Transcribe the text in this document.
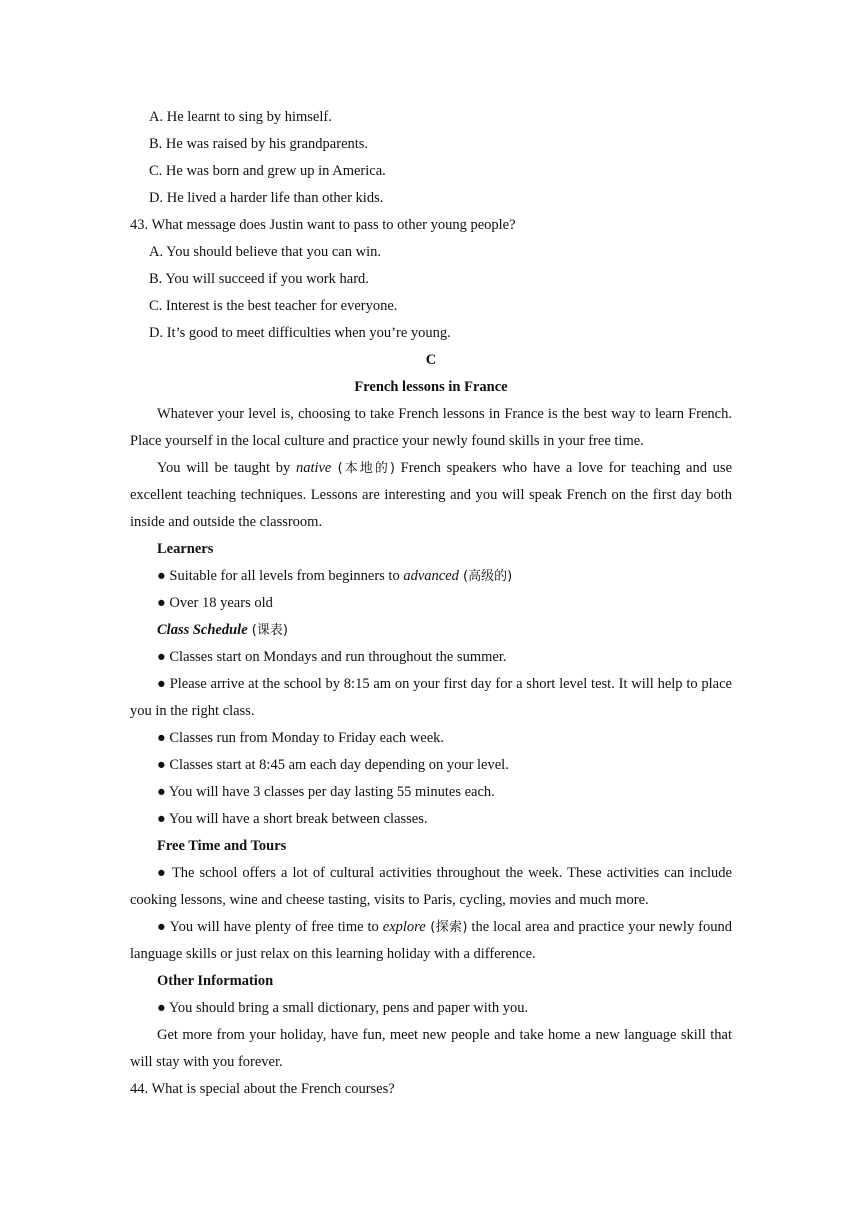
A. He learnt to sing by himself.
B. He was raised by his grandparents.
C. He was born and grew up in America.
D. He lived a harder life than other kids.
43. What message does Justin want to pass to other young people?
A. You should believe that you can win.
B. You will succeed if you work hard.
C. Interest is the best teacher for everyone.
D. It’s good to meet difficulties when you’re young.
C
French lessons in France
Whatever your level is, choosing to take French lessons in France is the best way to learn French. Place yourself in the local culture and practice your newly found skills in your free time.
You will be taught by native (本地的) French speakers who have a love for teaching and use excellent teaching techniques. Lessons are interesting and you will speak French on the first day both inside and outside the classroom.
Learners
● Suitable for all levels from beginners to advanced (高级的)
● Over 18 years old
Class Schedule (课表)
● Classes start on Mondays and run throughout the summer.
● Please arrive at the school by 8:15 am on your first day for a short level test. It will help to place you in the right class.
● Classes run from Monday to Friday each week.
● Classes start at 8:45 am each day depending on your level.
● You will have 3 classes per day lasting 55 minutes each.
● You will have a short break between classes.
Free Time and Tours
● The school offers a lot of cultural activities throughout the week. These activities can include cooking lessons, wine and cheese tasting, visits to Paris, cycling, movies and much more.
● You will have plenty of free time to explore (探索) the local area and practice your newly found language skills or just relax on this learning holiday with a difference.
Other Information
● You should bring a small dictionary, pens and paper with you.
Get more from your holiday, have fun, meet new people and take home a new language skill that will stay with you forever.
44. What is special about the French courses?
